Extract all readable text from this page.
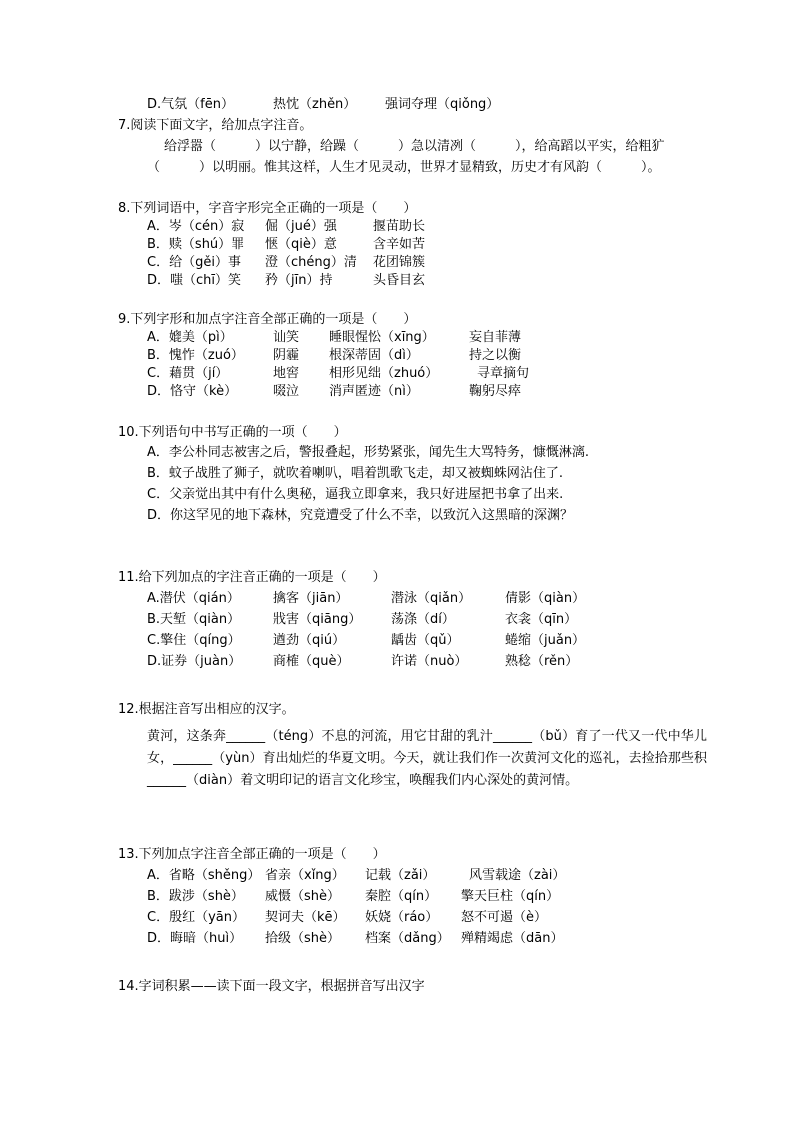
D.气氛（fēn）	热忱（zhěn） 强词夺理（qiǒng）
7.阅读下面文字，给加点字注音。
给浮嚣（　　　）以宁静，给躁（　　　）急以清冽（　　　），给高蹈以平实，给粗犷
（　　　）以明丽。惟其这样，人生才见灵动，世界才显精致，历史才有风韵（　　　）。
8.下列词语中，字音字形完全正确的一项是（　　）
A．岑（cén）寂 倔（jué）强	揠苗助长
B．赎（shú）罪 惬（qiè）意	含辛如苦
C．给（gěi）事 澄（chéng）清 花团锦簇
D．嗤（chī）笑 矜（jīn）持	头昏目玄
9.下列字形和加点字注音全部正确的一项是（　　）
A．媲美（pì）	讪笑 睡眼惺忪（xīng）	妄自菲薄
B．愧怍（zuó） 阴霾 根深蒂固（dì）	持之以衡
C．藉贯（jí）	地窖 相形见绌（zhuó）	寻章摘句
D．恪守（kè）	啜泣 消声匿迹（nì）	鞠躬尽瘁
10.下列语句中书写正确的一项（　　）
A．李公朴同志被害之后，警报叠起，形势紧张，闻先生大骂特务，慷慨淋漓.
B．蚊子战胜了狮子，就吹着喇叭，唱着凯歌飞走，却又被蜘蛛网沾住了.
C．父亲觉出其中有什么奥秘，逼我立即拿来，我只好进屋把书拿了出来.
D．你这罕见的地下森林，究竟遭受了什么不幸，以致沉入这黑暗的深渊？
11.给下列加点的字注音正确的一项是（　　）
A.潜伏（qián）	擒客（jiān）	潜泳（qiǎn）	倩影（qiàn）
B.天堑（qiàn）	戕害（qiāng） 荡涤（dí）	衣衾（qīn）
C.擎住（qíng） 遒劲（qiú）	龋齿（qǔ）	蜷缩（juǎn）
D.证券（juàn） 商榷（què）	许诺（nuò）	熟稔（rěn）
12.根据注音写出相应的汉字。
黄河，这条奔______（téng）不息的河流，用它甘甜的乳汁______（bǔ）育了一代又一代中华儿女，______（yùn）育出灿烂的华夏文明。今天，就让我们作一次黄河文化的巡礼，去捡拾那些积______（diàn）着文明印记的语言文化珍宝，唤醒我们内心深处的黄河情。
13.下列加点字注音全部正确的一项是（　　）
A．省略（shěng） 省亲（xǐng） 记载（zǎi）	风雪载途（zài）
B．跋涉（shè） 威慑（shè） 秦腔（qín） 擎天巨柱（qín）
C．殷红（yān） 契诃夫（kē） 妖娆（ráo） 怒不可遏（è）
D．晦暗（huì） 拾级（shè） 档案（dǎng） 殚精竭虑（dān）
14.字词积累——读下面一段文字，根据拼音写出汉字
